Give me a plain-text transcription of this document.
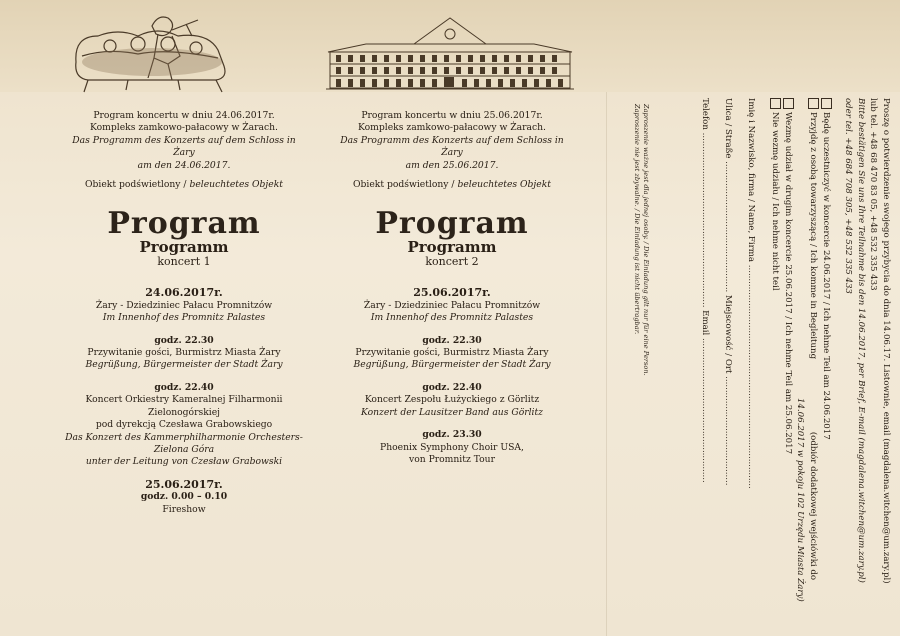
Program koncertu w dniu 24.06.2017r.

Kompleks zamkowo-pałacowy w Żarach.

Das Programm des Konzerts auf dem Schloss in Żary

am den 24.06.2017.

Obiekt podświetlony / beleuchtetes Objekt

Program

Programm

koncert 1

24.06.2017r.

Żary - Dziedziniec Pałacu Promnitzów

Im Innenhof des Promnitz Palastes

godz. 22.30

Przywitanie gości, Burmistrz Miasta Żary

Begrüßung, Bürgermeister der Stadt Żary

godz. 22.40

Koncert Orkiestry Kameralnej Filharmonii Zielonogórskiej

pod dyrekcją Czesława Grabowskiego

Das Konzert des Kammerphilharmonie Orchesters- Zielona Góra

unter der Leitung von Czesław Grabowski

25.06.2017r.

godz. 0.00 – 0.10

Fireshow

Program koncertu w dniu 25.06.2017r.

Kompleks zamkowo-pałacowy w Żarach.

Das Programm des Konzerts auf dem Schloss in Żary

am den 25.06.2017.

Obiekt podświetlony / beleuchtetes Objekt

Program

Programm

koncert 2

25.06.2017r.

Żary - Dziedziniec Pałacu Promnitzów

Im Innenhof des Promnitz Palastes

godz. 22.30

Przywitanie gości, Burmistrz Miasta Żary

Begrüßung, Bürgermeister der Stadt Żary

godz. 22.40

Koncert Zespołu Łużyckiego z Görlitz

Konzert der Lausitzer Band aus Görlitz

godz. 23.30

Phoenix Symphony Choir USA,

von Promnitz Tour

Zaproszenie ważne jest dla jednej osoby. / Die Einladung gilt nur für eine Person.

Zaproszenie nie jest zbywalne. / Die Einladung ist nicht übertragbar.	Proszę o potwierdzenie swojego przybycia do dnia 14.06.17. Listownie, email (magdalena.witchen@um.zary.pl)

lub tel. +48 68 470 83 05, +48 532 335 433

Bitte bestätigen Sie uns Ihre Teilnahme bis den 14.06.2017, per Brief, E-mail (magdalena.witchen@um.zary.pl)

oder tel. +48 684 708 305, +48 532 335 433

Będę uczestniczyć w koncercie 24.06.2017 / Ich nehme Teil am 24.06.2017

Przyjdę z osobą towarzyszącą / Ich komme in Begleitung (odbiór dodatkowej wejściówki do

14.06.2017 w pokoju 102 Urzędu Miasta Żary)

Wezmę udział w drugim koncercie 25.06.2017 / Ich nehme Teil am 25.06.2017

Nie wezmę udziału / Ich nehme nicht teil

Imię i Nazwisko, firma / Name, Firma ..................................................................................

Ulica / Straße ................................................ Miejscowość / Ort ........................................

Telefon ................................................................ Email .....................................................
